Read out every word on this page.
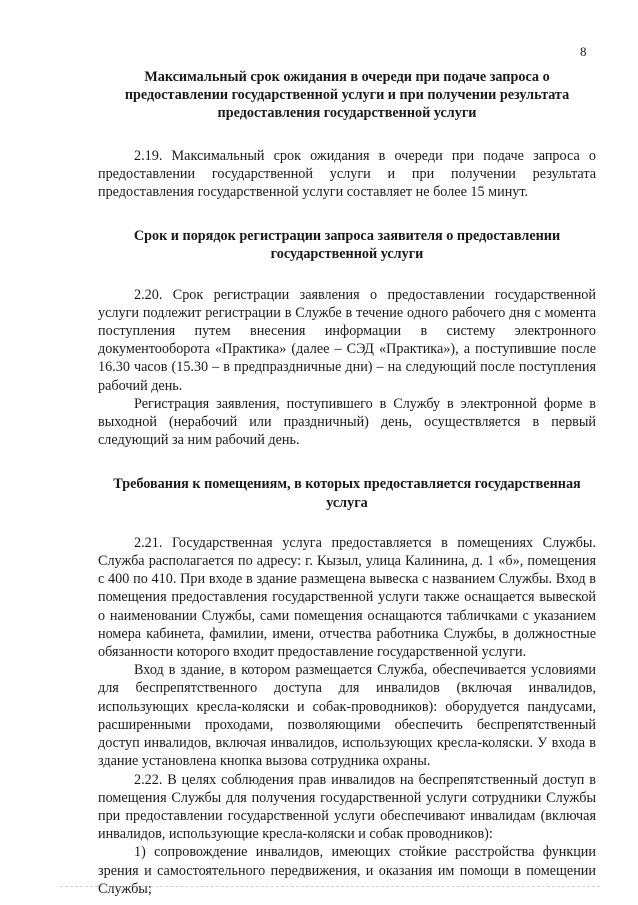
8
Максимальный срок ожидания в очереди при подаче запроса о предоставлении государственной услуги и при получении результата предоставления государственной услуги

2.19. Максимальный срок ожидания в очереди при подаче запроса о предоставлении государственной услуги и при получении результата предоставления государственной услуги составляет не более 15 минут.

Срок и порядок регистрации запроса заявителя о предоставлении государственной услуги

2.20. Срок регистрации заявления о предоставлении государственной услуги подлежит регистрации в Службе в течение одного рабочего дня с момента поступления путем внесения информации в систему электронного документооборота «Практика» (далее – СЭД «Практика»), а поступившие после 16.30 часов (15.30 – в предпраздничные дни) – на следующий после поступления рабочий день.

Регистрация заявления, поступившего в Службу в электронной форме в выходной (нерабочий или праздничный) день, осуществляется в первый следующий за ним рабочий день.

Требования к помещениям, в которых предоставляется государственная услуга

2.21. Государственная услуга предоставляется в помещениях Службы. Служба располагается по адресу: г. Кызыл, улица Калинина, д. 1 «б», помещения с 400 по 410. При входе в здание размещена вывеска с названием Службы. Вход в помещения предоставления государственной услуги также оснащается вывеской о наименовании Службы, сами помещения оснащаются табличками с указанием номера кабинета, фамилии, имени, отчества работника Службы, в должностные обязанности которого входит предоставление государственной услуги.

Вход в здание, в котором размещается Служба, обеспечивается условиями для беспрепятственного доступа для инвалидов (включая инвалидов, использующих кресла-коляски и собак-проводников): оборудуется пандусами, расширенными проходами, позволяющими обеспечить беспрепятственный доступ инвалидов, включая инвалидов, использующих кресла-коляски. У входа в здание установлена кнопка вызова сотрудника охраны.

2.22. В целях соблюдения прав инвалидов на беспрепятственный доступ в помещения Службы для получения государственной услуги сотрудники Службы при предоставлении государственной услуги обеспечивают инвалидам (включая инвалидов, использующие кресла-коляски и собак проводников):

1) сопровождение инвалидов, имеющих стойкие расстройства функции зрения и самостоятельного передвижения, и оказания им помощи в помещении Службы;
